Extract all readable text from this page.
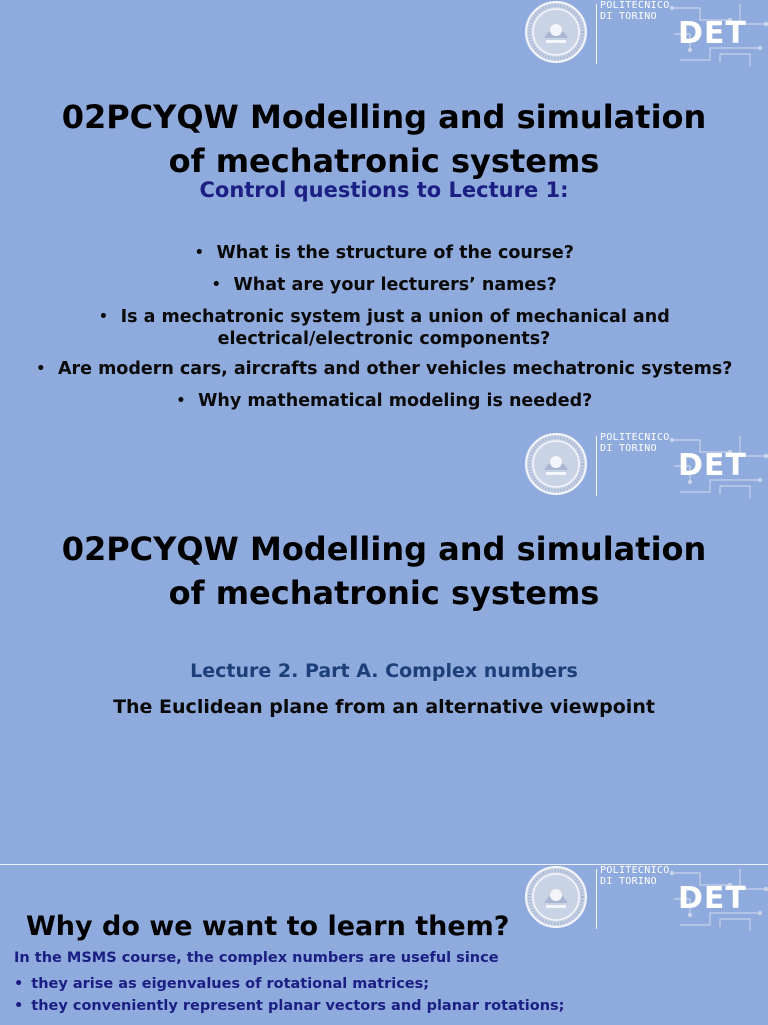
POLITECNICO
DI TORINO DET
02PCYQW Modelling and simulation
of mechatronic systems
Control questions to Lecture 1:
• What is the structure of the course?
• What are your lecturers’ names?
• Is a mechatronic system just a union of mechanical and
electrical/electronic components?
• Are modern cars, aircrafts and other vehicles mechatronic systems?
• Why mathematical modeling is needed?
POLITECNICO
DI TORINO DET
02PCYQW Modelling and simulation
of mechatronic systems
Lecture 2. Part A. Complex numbers
The Euclidean plane from an alternative viewpoint
POLITECNICO
DI TORINO DET
Why do we want to learn them?
In the MSMS course, the complex numbers are useful since
• they arise as eigenvalues of rotational matrices;
• they conveniently represent planar vectors and planar rotations;
